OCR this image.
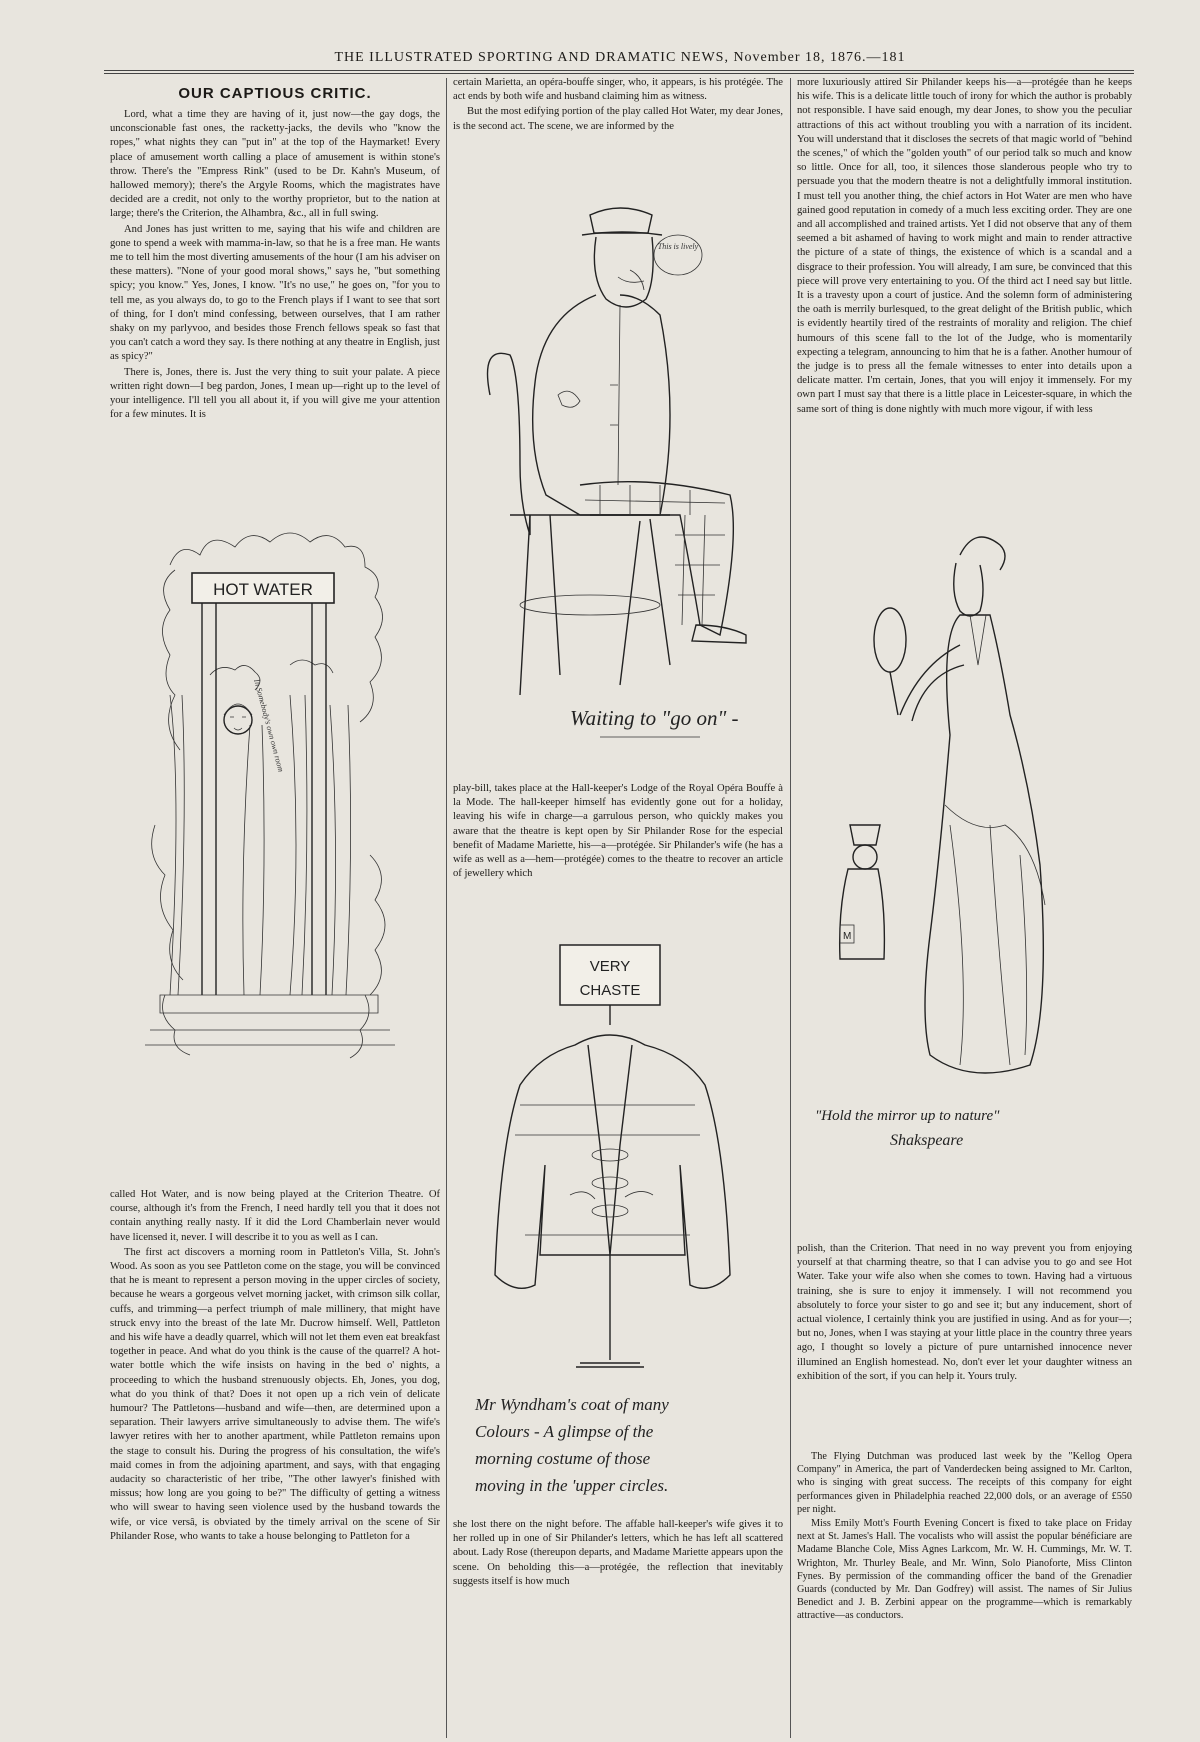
THE ILLUSTRATED SPORTING AND DRAMATIC NEWS, November 18, 1876.—181
OUR CAPTIOUS CRITIC.

Lord, what a time they are having of it, just now—the gay dogs, the unconscionable fast ones, the racketty-jacks, the devils who "know the ropes," what nights they can "put in" at the top of the Haymarket! Every place of amusement worth calling a place of amusement is within stone's throw. There's the "Empress Rink" (used to be Dr. Kahn's Museum, of hallowed memory); there's the Argyle Rooms, which the magistrates have decided are a credit, not only to the worthy proprietor, but to the nation at large; there's the Criterion, the Alhambra, &c., all in full swing.

And Jones has just written to me, saying that his wife and children are gone to spend a week with mamma-in-law, so that he is a free man. He wants me to tell him the most diverting amusements of the hour (I am his adviser on these matters). "None of your good moral shows," says he, "but something spicy; you know." Yes, Jones, I know. "It's no use," he goes on, "for you to tell me, as you always do, to go to the French plays if I want to see that sort of thing, for I don't mind confessing, between ourselves, that I am rather shaky on my parlyvoo, and besides those French fellows speak so fast that you can't catch a word they say. Is there nothing at any theatre in English, just as spicy?"

There is, Jones, there is. Just the very thing to suit your palate. A piece written right down—I beg pardon, Jones, I mean up—right up to the level of your intelligence. I'll tell you all about it, if you will give me your attention for a few minutes. It is

HOT WATER
In Somebody's own own room

called Hot Water, and is now being played at the Criterion Theatre. Of course, although it's from the French, I need hardly tell you that it does not contain anything really nasty. If it did the Lord Chamberlain never would have licensed it, never. I will describe it to you as well as I can.

The first act discovers a morning room in Pattleton's Villa, St. John's Wood. As soon as you see Pattleton come on the stage, you will be convinced that he is meant to represent a person moving in the upper circles of society, because he wears a gorgeous velvet morning jacket, with crimson silk collar, cuffs, and trimming—a perfect triumph of male millinery, that might have struck envy into the breast of the late Mr. Ducrow himself. Well, Pattleton and his wife have a deadly quarrel, which will not let them even eat breakfast together in peace. And what do you think is the cause of the quarrel? A hot-water bottle which the wife insists on having in the bed o' nights, a proceeding to which the husband strenuously objects. Eh, Jones, you dog, what do you think of that? Does it not open up a rich vein of delicate humour? The Pattletons—husband and wife—then, are determined upon a separation. Their lawyers arrive simultaneously to advise them. The wife's lawyer retires with her to another apartment, while Pattleton remains upon the stage to consult his. During the progress of his consultation, the wife's maid comes in from the adjoining apartment, and says, with that engaging audacity so characteristic of her tribe, "The other lawyer's finished with missus; how long are you going to be?" The difficulty of getting a witness who will swear to having seen violence used by the husband towards the wife, or vice versâ, is obviated by the timely arrival on the scene of Sir Philander Rose, who wants to take a house belonging to Pattleton for a

certain Marietta, an opéra-bouffe singer, who, it appears, is his protégée. The act ends by both wife and husband claiming him as witness.

But the most edifying portion of the play called Hot Water, my dear Jones, is the second act. The scene, we are informed by the

This is lively
Waiting to "go on" -

play-bill, takes place at the Hall-keeper's Lodge of the Royal Opéra Bouffe à la Mode. The hall-keeper himself has evidently gone out for a holiday, leaving his wife in charge—a garrulous person, who quickly makes you aware that the theatre is kept open by Sir Philander Rose for the especial benefit of Madame Mariette, his—a—protégée. Sir Philander's wife (he has a wife as well as a—hem—protégée) comes to the theatre to recover an article of jewellery which

VERY
CHASTE
Mr Wyndham's coat of many
Colours - A glimpse of the
morning costume of those
moving in the 'upper circles.

she lost there on the night before. The affable hall-keeper's wife gives it to her rolled up in one of Sir Philander's letters, which he has left all scattered about. Lady Rose (thereupon departs, and Madame Mariette appears upon the scene. On beholding this—a—protégée, the reflection that inevitably suggests itself is how much

more luxuriously attired Sir Philander keeps his—a—protégée than he keeps his wife. This is a delicate little touch of irony for which the author is probably not responsible. I have said enough, my dear Jones, to show you the peculiar attractions of this act without troubling you with a narration of its incident. You will understand that it discloses the secrets of that magic world of "behind the scenes," of which the "golden youth" of our period talk so much and know so little. Once for all, too, it silences those slanderous people who try to persuade you that the modern theatre is not a delightfully immoral institution. I must tell you another thing, the chief actors in Hot Water are men who have gained good reputation in comedy of a much less exciting order. They are one and all accomplished and trained artists. Yet I did not observe that any of them seemed a bit ashamed of having to work might and main to render attractive the picture of a state of things, the existence of which is a scandal and a disgrace to their profession. You will already, I am sure, be convinced that this piece will prove very entertaining to you. Of the third act I need say but little. It is a travesty upon a court of justice. And the solemn form of administering the oath is merrily burlesqued, to the great delight of the British public, which is evidently heartily tired of the restraints of morality and religion. The chief humours of this scene fall to the lot of the Judge, who is momentarily expecting a telegram, announcing to him that he is a father. Another humour of the judge is to press all the female witnesses to enter into details upon a delicate matter. I'm certain, Jones, that you will enjoy it immensely. For my own part I must say that there is a little place in Leicester-square, in which the same sort of thing is done nightly with much more vigour, if with less

M
"Hold the mirror up to nature"
Shakspeare

polish, than the Criterion. That need in no way prevent you from enjoying yourself at that charming theatre, so that I can advise you to go and see Hot Water. Take your wife also when she comes to town. Having had a virtuous training, she is sure to enjoy it immensely. I will not recommend you absolutely to force your sister to go and see it; but any inducement, short of actual violence, I certainly think you are justified in using. And as for your—; but no, Jones, when I was staying at your little place in the country three years ago, I thought so lovely a picture of pure untarnished innocence never illumined an English homestead. No, don't ever let your daughter witness an exhibition of the sort, if you can help it. Yours truly.

The Flying Dutchman was produced last week by the "Kellog Opera Company" in America, the part of Vanderdecken being assigned to Mr. Carlton, who is singing with great success. The receipts of this company for eight performances given in Philadelphia reached 22,000 dols, or an average of £550 per night.

Miss Emily Mott's Fourth Evening Concert is fixed to take place on Friday next at St. James's Hall. The vocalists who will assist the popular bénéficiare are Madame Blanche Cole, Miss Agnes Larkcom, Mr. W. H. Cummings, Mr. W. T. Wrighton, Mr. Thurley Beale, and Mr. Winn, Solo Pianoforte, Miss Clinton Fynes. By permission of the commanding officer the band of the Grenadier Guards (conducted by Mr. Dan Godfrey) will assist. The names of Sir Julius Benedict and J. B. Zerbini appear on the programme—which is remarkably attractive—as conductors.
